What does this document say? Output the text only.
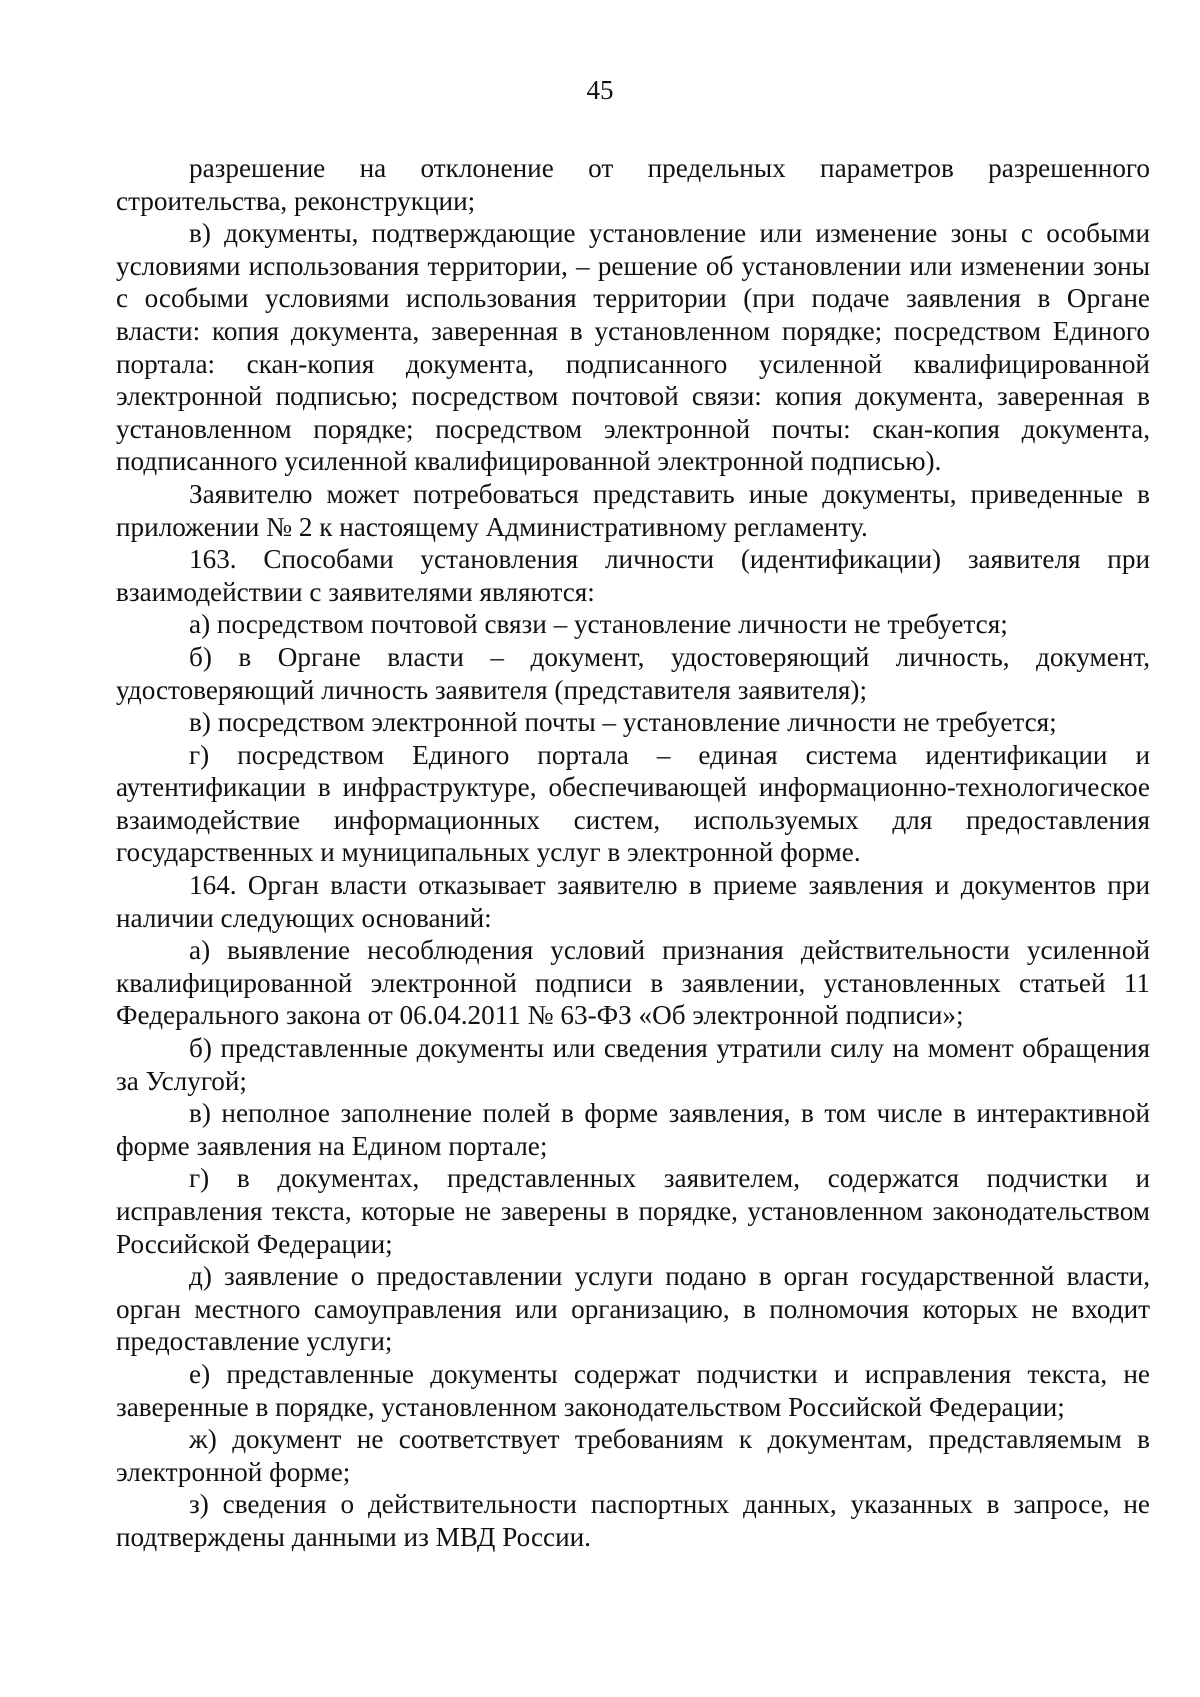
45

разрешение на отклонение от предельных параметров разрешенного строительства, реконструкции;

в) документы, подтверждающие установление или изменение зоны с особыми условиями использования территории, – решение об установлении или изменении зоны с особыми условиями использования территории (при подаче заявления в Органе власти: копия документа, заверенная в установленном порядке; посредством Единого портала: скан-копия документа, подписанного усиленной квалифицированной электронной подписью; посредством почтовой связи: копия документа, заверенная в установленном порядке; посредством электронной почты: скан-копия документа, подписанного усиленной квалифицированной электронной подписью).

Заявителю может потребоваться представить иные документы, приведенные в приложении № 2 к настоящему Административному регламенту.

163. Способами установления личности (идентификации) заявителя при взаимодействии с заявителями являются:

а) посредством почтовой связи – установление личности не требуется;

б) в Органе власти – документ, удостоверяющий личность, документ, удостоверяющий личность заявителя (представителя заявителя);

в) посредством электронной почты – установление личности не требуется;

г) посредством Единого портала – единая система идентификации и аутентификации в инфраструктуре, обеспечивающей информационно-технологическое взаимодействие информационных систем, используемых для предоставления государственных и муниципальных услуг в электронной форме.

164. Орган власти отказывает заявителю в приеме заявления и документов при наличии следующих оснований:

а) выявление несоблюдения условий признания действительности усиленной квалифицированной электронной подписи в заявлении, установленных статьей 11 Федерального закона от 06.04.2011 № 63-ФЗ «Об электронной подписи»;

б) представленные документы или сведения утратили силу на момент обращения за Услугой;

в) неполное заполнение полей в форме заявления, в том числе в интерактивной форме заявления на Едином портале;

г) в документах, представленных заявителем, содержатся подчистки и исправления текста, которые не заверены в порядке, установленном законодательством Российской Федерации;

д) заявление о предоставлении услуги подано в орган государственной власти, орган местного самоуправления или организацию, в полномочия которых не входит предоставление услуги;

е) представленные документы содержат подчистки и исправления текста, не заверенные в порядке, установленном законодательством Российской Федерации;

ж) документ не соответствует требованиям к документам, представляемым в электронной форме;

з) сведения о действительности паспортных данных, указанных в запросе, не подтверждены данными из МВД России.
